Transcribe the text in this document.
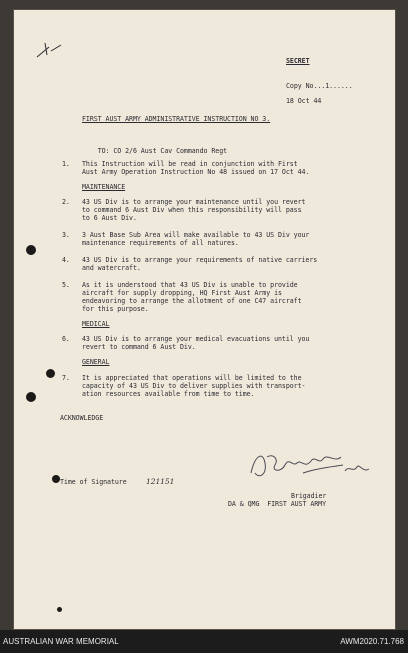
SECRET
Copy No...1......
18 Oct 44
FIRST AUST ARMY ADMINISTRATIVE INSTRUCTION NO 3.

TO: CO 2/6 Aust Cav Commando Regt

1. This Instruction will be read in conjunction with First
Aust Army Operation Instruction No 48 issued on 17 Oct 44.
MAINTENANCE
2. 43 US Div is to arrange your maintenance until you revert
to command 6 Aust Div when this responsibility will pass
to 6 Aust Div.
3. 3 Aust Base Sub Area will make available to 43 US Div your
maintenance requirements of all natures.
4. 43 US Div is to arrange your requirements of native carriers
and watercraft.
5. As it is understood that 43 US Div is unable to provide
aircraft for supply dropping, HQ First Aust Army is
endeavoring to arrange the allotment of one C47 aircraft
for this purpose.
MEDICAL
6. 43 US Div is to arrange your medical evacuations until you
revert to command 6 Aust Div.
GENERAL
7. It is appreciated that operations will be limited to the
capacity of 43 US Div to deliver supplies with transport-
ation resources available from time to time.
ACKNOWLEDGE
Time of Signature	121151
Brigadier
DA & QMG  FIRST AUST ARMY
AUSTRALIAN WAR MEMORIAL	AWM2020.71.768
